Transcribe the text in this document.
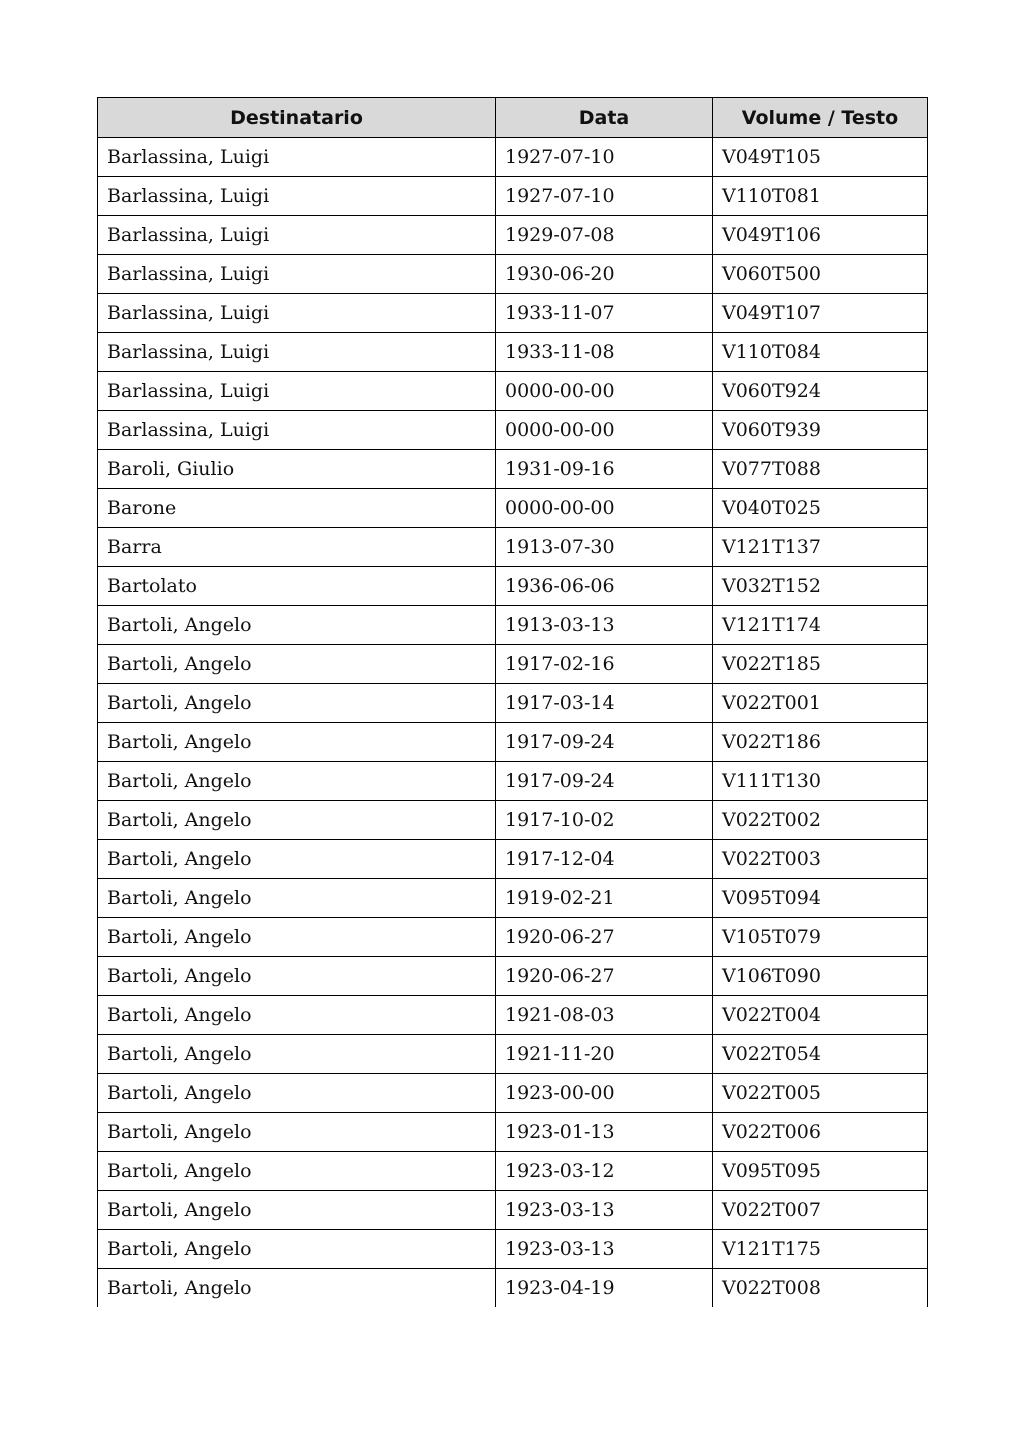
Destinatario	Data	Volume / Testo
Barlassina, Luigi	1927-07-10	V049T105
Barlassina, Luigi	1927-07-10	V110T081
Barlassina, Luigi	1929-07-08	V049T106
Barlassina, Luigi	1930-06-20	V060T500
Barlassina, Luigi	1933-11-07	V049T107
Barlassina, Luigi	1933-11-08	V110T084
Barlassina, Luigi	0000-00-00	V060T924
Barlassina, Luigi	0000-00-00	V060T939
Baroli, Giulio	1931-09-16	V077T088
Barone	0000-00-00	V040T025
Barra	1913-07-30	V121T137
Bartolato	1936-06-06	V032T152
Bartoli, Angelo	1913-03-13	V121T174
Bartoli, Angelo	1917-02-16	V022T185
Bartoli, Angelo	1917-03-14	V022T001
Bartoli, Angelo	1917-09-24	V022T186
Bartoli, Angelo	1917-09-24	V111T130
Bartoli, Angelo	1917-10-02	V022T002
Bartoli, Angelo	1917-12-04	V022T003
Bartoli, Angelo	1919-02-21	V095T094
Bartoli, Angelo	1920-06-27	V105T079
Bartoli, Angelo	1920-06-27	V106T090
Bartoli, Angelo	1921-08-03	V022T004
Bartoli, Angelo	1921-11-20	V022T054
Bartoli, Angelo	1923-00-00	V022T005
Bartoli, Angelo	1923-01-13	V022T006
Bartoli, Angelo	1923-03-12	V095T095
Bartoli, Angelo	1923-03-13	V022T007
Bartoli, Angelo	1923-03-13	V121T175
Bartoli, Angelo	1923-04-19	V022T008
